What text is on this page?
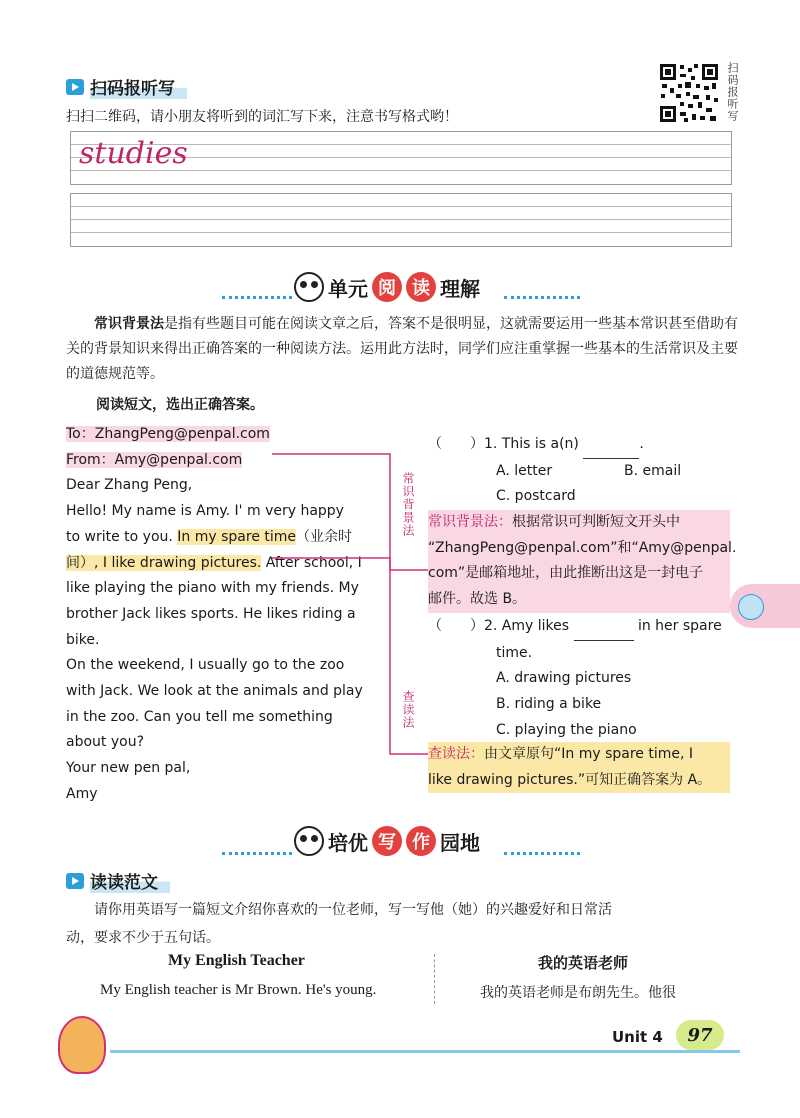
扫码报听写
扫扫二维码，请小朋友将听到的词汇写下来，注意书写格式哟！	扫码报听写
studies
单元 阅 读 理解
常识背景法是指有些题目可能在阅读文章之后，答案不是很明显，这就需要运用一些基本常识甚至借助有关的背景知识来得出正确答案的一种阅读方法。运用此方法时，同学们应注重掌握一些基本的生活常识及主要的道德规范等。
阅读短文，选出正确答案。
To：ZhangPeng@penpal.com
From：Amy@penpal.com
Dear Zhang Peng,
Hello! My name is Amy. I' m very happy
to write to you. In my spare time（业余时
间）, I like drawing pictures. After school, I
like playing the piano with my friends. My
brother Jack likes sports. He likes riding a
bike.
On the weekend, I usually go to the zoo
with Jack. We look at the animals and play
in the zoo. Can you tell me something
about you?
Your new pen pal,
Amy
常识背景法
查读法
（　　）1. This is a(n)	.
A. letter	B. email
C. postcard
常识背景法：根据常识可判断短文开头中
“ZhangPeng@penpal.com”和“Amy@penpal.
com”是邮箱地址，由此推断出这是一封电子
邮件。故选 B。
（　　）2. Amy likes	in her spare
time.
A. drawing pictures
B. riding a bike
C. playing the piano
查读法：由文章原句“In my spare time, I
like drawing pictures.”可知正确答案为 A。
培优 写 作 园地
读读范文
请你用英语写一篇短文介绍你喜欢的一位老师，写一写他（她）的兴趣爱好和日常活
动，要求不少于五句话。
My English Teacher
My English teacher is Mr Brown. He's young.
我的英语老师
我的英语老师是布朗先生。他很
Unit 4	97
